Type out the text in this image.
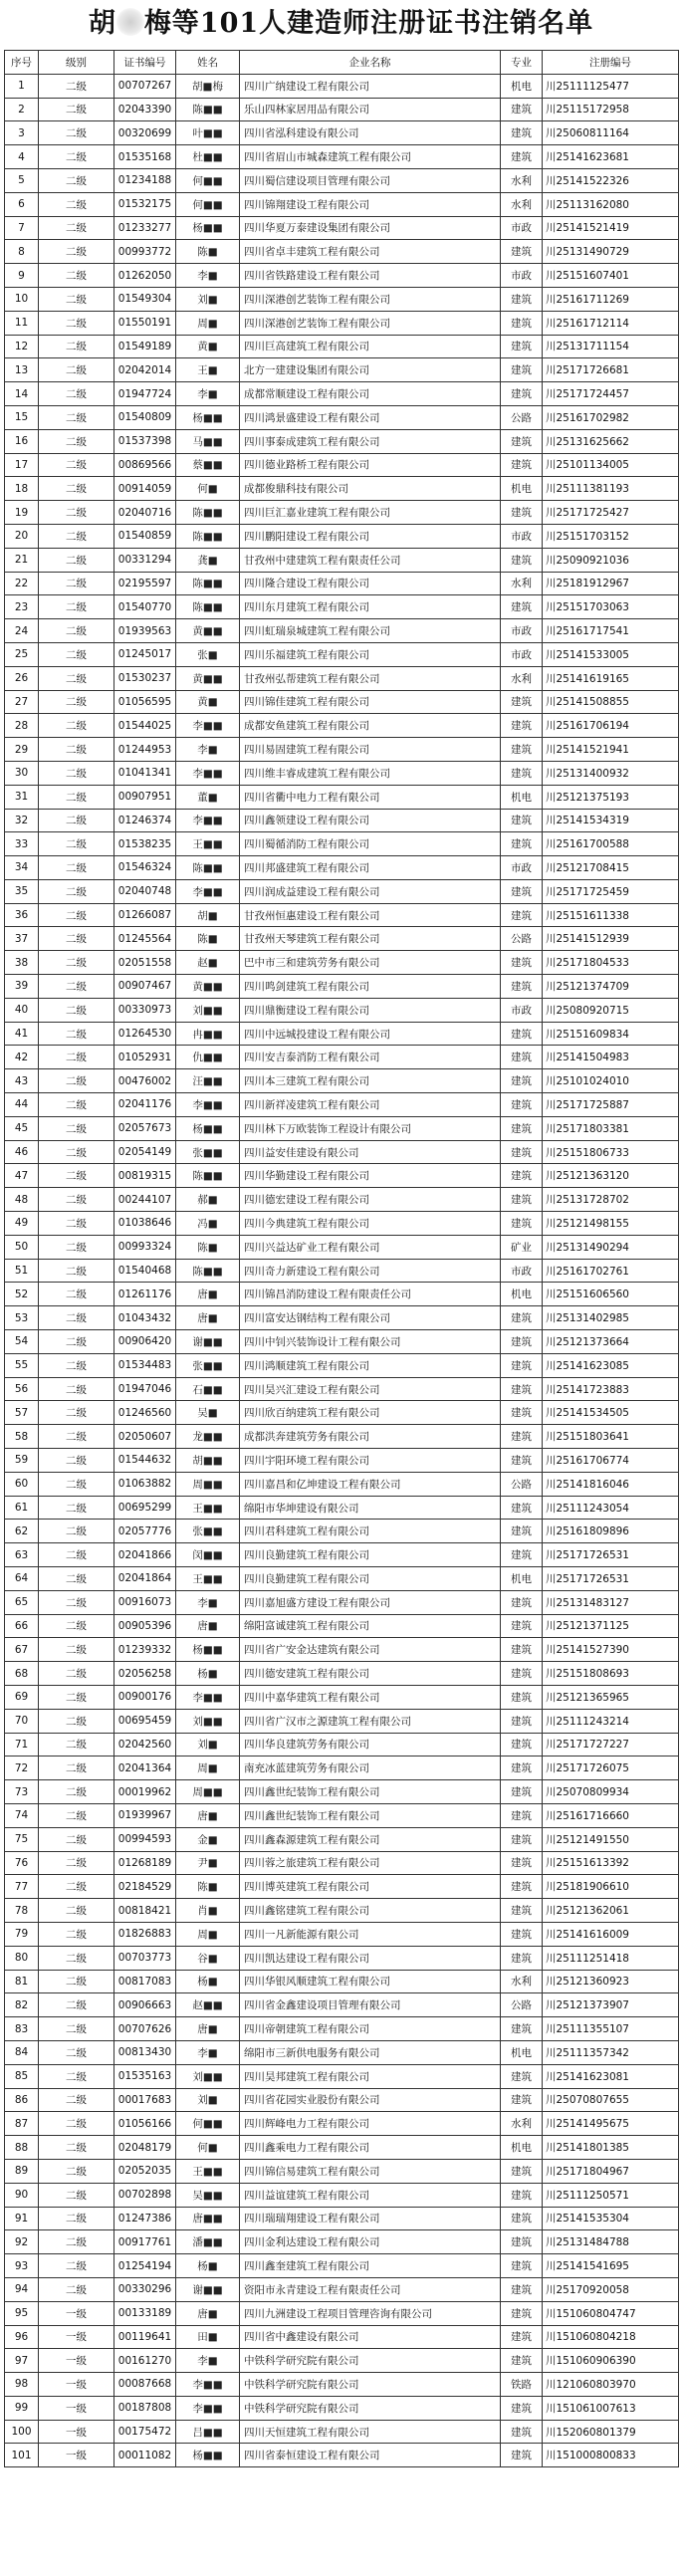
胡 梅等101人建造师注册证书注销名单
序号	级别	证书编号	姓名	企业名称	专业	注册编号
1	二级	00707267	胡■梅	四川广纳建设工程有限公司	机电	川25111125477
2	二级	02043390	陈■■	乐山四林家居用品有限公司	建筑	川25115172958
3	二级	00320699	叶■■	四川省泓科建设有限公司	建筑	川25060811164
4	二级	01535168	杜■■	四川省眉山市城森建筑工程有限公司	建筑	川25141623681
5	二级	01234188	何■■	四川蜀信建设项目管理有限公司	水利	川25141522326
6	二级	01532175	何■■	四川锦翔建设工程有限公司	水利	川25113162080
7	二级	01233277	杨■■	四川华夏万泰建设集团有限公司	市政	川25141521419
8	二级	00993772	陈■	四川省卓丰建筑工程有限公司	建筑	川25131490729
9	二级	01262050	李■	四川省铁路建设工程有限公司	市政	川25151607401
10	二级	01549304	刘■	四川深港创艺装饰工程有限公司	建筑	川25161711269
11	二级	01550191	周■	四川深港创艺装饰工程有限公司	建筑	川25161712114
12	二级	01549189	黄■	四川巨高建筑工程有限公司	建筑	川25131711154
13	二级	02042014	王■	北方一建建设集团有限公司	建筑	川25171726681
14	二级	01947724	李■	成都常顺建设工程有限公司	建筑	川25171724457
15	二级	01540809	杨■■	四川鸿景盛建设工程有限公司	公路	川25161702982
16	二级	01537398	马■■	四川事泰成建筑工程有限公司	建筑	川25131625662
17	二级	00869566	蔡■■	四川德业路桥工程有限公司	建筑	川25101134005
18	二级	00914059	何■	成都俊鼎科技有限公司	机电	川25111381193
19	二级	02040716	陈■■	四川巨汇嘉业建筑工程有限公司	建筑	川25171725427
20	二级	01540859	陈■■	四川鹏阳建设工程有限公司	市政	川25151703152
21	二级	00331294	龚■	甘孜州中建建筑工程有限责任公司	建筑	川25090921036
22	二级	02195597	陈■■	四川隆合建设工程有限公司	水利	川25181912967
23	二级	01540770	陈■■	四川东月建筑工程有限公司	建筑	川25151703063
24	二级	01939563	黄■■	四川虹瑞泉城建筑工程有限公司	市政	川25161717541
25	二级	01245017	张■	四川乐福建筑工程有限公司	市政	川25141533005
26	二级	01530237	黄■■	甘孜州弘帮建筑工程有限公司	水利	川25141619165
27	二级	01056595	黄■	四川锦佳建筑工程有限公司	建筑	川25141508855
28	二级	01544025	李■■	成都安鱼建筑工程有限公司	建筑	川25161706194
29	二级	01244953	李■	四川易固建筑工程有限公司	建筑	川25141521941
30	二级	01041341	李■■	四川维丰睿成建筑工程有限公司	建筑	川25131400932
31	二级	00907951	董■	四川省衢中电力工程有限公司	机电	川25121375193
32	二级	01246374	李■■	四川鑫领建设工程有限公司	建筑	川25141534319
33	二级	01538235	王■■	四川蜀循消防工程有限公司	建筑	川25161700588
34	二级	01546324	陈■■	四川邦盛建筑工程有限公司	市政	川25121708415
35	二级	02040748	李■■	四川润成益建设工程有限公司	建筑	川25171725459
36	二级	01266087	胡■	甘孜州恒惠建设工程有限公司	建筑	川25151611338
37	二级	01245564	陈■	甘孜州天琴建筑工程有限公司	公路	川25141512939
38	二级	02051558	赵■	巴中市三和建筑劳务有限公司	建筑	川25171804533
39	二级	00907467	黄■■	四川鸣剑建筑工程有限公司	建筑	川25121374709
40	二级	00330973	刘■■	四川鼎衡建设工程有限公司	市政	川25080920715
41	二级	01264530	冉■■	四川中远城投建设工程有限公司	建筑	川25151609834
42	二级	01052931	仇■■	四川安吉泰消防工程有限公司	建筑	川25141504983
43	二级	00476002	汪■■	四川本三建筑工程有限公司	建筑	川25101024010
44	二级	02041176	李■■	四川新祥凌建筑工程有限公司	建筑	川25171725887
45	二级	02057673	杨■■	四川林下万欧装饰工程设计有限公司	建筑	川25171803381
46	二级	02054149	张■■	四川益安佳建设有限公司	建筑	川25151806733
47	二级	00819315	陈■■	四川华勤建设工程有限公司	建筑	川25121363120
48	二级	00244107	郝■	四川德宏建设工程有限公司	建筑	川25131728702
49	二级	01038646	冯■	四川今典建筑工程有限公司	建筑	川25121498155
50	二级	00993324	陈■	四川兴益达矿业工程有限公司	矿业	川25131490294
51	二级	01540468	陈■■	四川奇力新建设工程有限公司	市政	川25161702761
52	二级	01261176	唐■	四川锦昌消防建设工程有限责任公司	机电	川25151606560
53	二级	01043432	唐■	四川富安达钢结构工程有限公司	建筑	川25131402985
54	二级	00906420	谢■■	四川中钊兴装饰设计工程有限公司	建筑	川25121373664
55	二级	01534483	张■■	四川鸿顺建筑工程有限公司	建筑	川25141623085
56	二级	01947046	石■■	四川昊兴汇建设工程有限公司	建筑	川25141723883
57	二级	01246560	吴■	四川欣百纳建筑工程有限公司	建筑	川25141534505
58	二级	02050607	龙■■	成都洪奔建筑劳务有限公司	建筑	川25151803641
59	二级	01544632	胡■■	四川宇阳环境工程有限公司	建筑	川25161706774
60	二级	01063882	周■■	四川嘉昌和亿坤建设工程有限公司	公路	川25141816046
61	二级	00695299	王■■	绵阳市华坤建设有限公司	建筑	川25111243054
62	二级	02057776	张■■	四川君科建筑工程有限公司	建筑	川25161809896
63	二级	02041866	闵■■	四川良勤建筑工程有限公司	建筑	川25171726531
64	二级	02041864	王■■	四川良勤建筑工程有限公司	机电	川25171726531
65	二级	00916073	李■	四川嘉旭盛方建设工程有限公司	建筑	川25131483127
66	二级	00905396	唐■	绵阳富诚建筑工程有限公司	建筑	川25121371125
67	二级	01239332	杨■■	四川省广安金达建筑有限公司	建筑	川25141527390
68	二级	02056258	杨■	四川德安建筑工程有限公司	建筑	川25151808693
69	二级	00900176	李■■	四川中嘉华建筑工程有限公司	建筑	川25121365965
70	二级	00695459	刘■■	四川省广汉市之源建筑工程有限公司	建筑	川25111243214
71	二级	02042560	刘■	四川华良建筑劳务有限公司	建筑	川25171727227
72	二级	02041364	周■	南充冰蓝建筑劳务有限公司	建筑	川25171726075
73	二级	00019962	周■■	四川鑫世纪装饰工程有限公司	建筑	川25070809934
74	二级	01939967	唐■	四川鑫世纪装饰工程有限公司	建筑	川25161716660
75	二级	00994593	金■	四川鑫森源建筑工程有限公司	建筑	川25121491550
76	二级	01268189	尹■	四川蓉之旅建筑工程有限公司	建筑	川25151613392
77	二级	02184529	陈■	四川博英建筑工程有限公司	建筑	川25181906610
78	二级	00818421	肖■	四川鑫铭建筑工程有限公司	建筑	川25121362061
79	二级	01826883	周■	四川一凡新能源有限公司	建筑	川25141616009
80	二级	00703773	谷■	四川凯达建设工程有限公司	建筑	川25111251418
81	二级	00817083	杨■	四川华银风顺建筑工程有限公司	水利	川25121360923
82	二级	00906663	赵■■	四川省金鑫建设项目管理有限公司	公路	川25121373907
83	二级	00707626	唐■	四川帝朝建筑工程有限公司	建筑	川25111355107
84	二级	00813430	李■	绵阳市三新供电服务有限公司	机电	川25111357342
85	二级	01535163	刘■■	四川昊邦建筑工程有限公司	建筑	川25141623081
86	二级	00017683	刘■	四川省花园实业股份有限公司	建筑	川25070807655
87	二级	01056166	何■■	四川辉峰电力工程有限公司	水利	川25141495675
88	二级	02048179	何■	四川鑫乘电力工程有限公司	机电	川25141801385
89	二级	02052035	王■■	四川锦信易建筑工程有限公司	建筑	川25171804967
90	二级	00702898	吴■■	四川益谊建筑工程有限公司	建筑	川25111250571
91	二级	01247386	唐■■	四川瑞瑞翔建设工程有限公司	建筑	川25141535304
92	二级	00917761	潘■■	四川金利达建设工程有限公司	建筑	川25131484788
93	二级	01254194	杨■	四川鑫奎建筑工程有限公司	建筑	川25141541695
94	二级	00330296	谢■■	资阳市永青建设工程有限责任公司	建筑	川25170920058
95	一级	00133189	唐■	四川九洲建设工程项目管理咨询有限公司	建筑	川151060804747
96	一级	00119641	田■	四川省中鑫建设有限公司	建筑	川151060804218
97	一级	00161270	李■	中铁科学研究院有限公司	建筑	川151060906390
98	一级	00087668	李■■	中铁科学研究院有限公司	铁路	川121060803970
99	一级	00187808	李■■	中铁科学研究院有限公司	建筑	川151061007613
100	一级	00175472	吕■■	四川天恒建筑工程有限公司	建筑	川152060801379
101	一级	00011082	杨■■	四川省泰恒建设工程有限公司	建筑	川151000800833
